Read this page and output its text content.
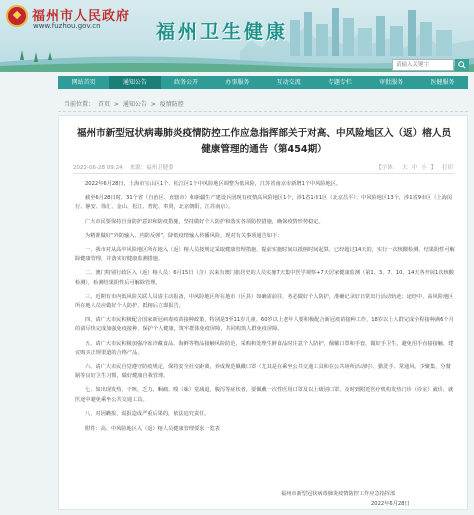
福州市人民政府
www.fuzhou.gov.cn	福州卫生健康
请输入关键字
网站首页	通知公告	政务公开	办事服务	互动交流	专题专栏	审批服务	医健服务
当前位置： 首页 > 通知公告 > 疫情防控
福州市新型冠状病毒肺炎疫情防控工作应急指挥部关于对高、中风险地区入（返）榕人员
健康管理的通告（第454期）
2022-06-28 09:24 来源：福州卫健委	【字体： 大 中 小 】 打印

2022年6月28日，上海市宝山区1个、松江区1个中风险地区调整为低风险，江苏省南京市新增1个中风险地区。

截至6月28日时，31个省（自治区、直辖市）和新疆生产建设兵团现有疫情高风险地区1个，涉1省1市1区（北京昌平）；中风险地区13个，涉1省9市区（上海闵行、静安、徐汇、金山、松江、普陀、奉贤，北京朝阳，江苏南京）。

广大市民要保持自身防护意识和防疫措施，坚持做好个人防护和落实各项防控措施，确保疫情形势稳定。

为精准做好“外防输入、内防反弹”，降低疫情输入传播风险，现对有关事项通告如下：

一、我市对从高中风险地区所在地入（返）榕人员按规定采取健康管理措施，提前实施时间以抵榕时间起算，已经超过14天的，实行一次核酸检测，结果阴性可解除健康管理，并落实好健康监测措施。

二、澳门特别行政区入（返）榕人员：6月15日（含）以来有澳门旅居史的人员实施7天集中医学观察+7天居家健康监测（第1、3、7、10、14天各开展1次核酸检测），检测结果阴性后可解除管理。

三、近期有市内低风险关联人员请主动报备，中风险地区所在地市（区县）如确需前往，务必做好个人防护，准确记录好日常出行活动轨迹；途经中、高风险地区所在地人员应做好个人防护，抵榕后立即报告。

四、请广大市民积极配合国家新冠病毒疫苗接种政策，特别是3至11岁儿童、60岁以上老年人要积极配合新冠疫苗接种工作，18岁以上人群完成全程接种满6个月的请尽快完成加强免疫接种，保护个人健康，筑牢群体免疫屏障，共同构筑人群免疫屏障。

五、请广大市民积极加强冷冻冷藏食品、海鲜等物品接触风险防范，采购和处理生鲜食品时注意个人防护，佩戴口罩和手套，做好手卫生，避免用手直接接触，建议购买正规渠道的合格产品。

六、请广大市民自觉遵守防疫规定，保持安全社交距离，养成规范佩戴口罩（尤其是在乘坐公共交通工具和在公共场所活动时）、勤洗手、常通风、少聚集、分餐制等良好卫生习惯，做好健康自我管理。

七、如出现发热、干咳、乏力、咽痛、嗅（味）觉减退、腹泻等症状者，要佩戴一次性医用口罩及以上级别口罩，及时到附近医疗机构发热门诊（诊室）就诊，就医途中避免乘坐公共交通工具。

八、对因瞒报、谎报造成严重后果的，依法追究责任。

附件：高、中风险地区入（返）榕人员健康管理要求一览表

福州市新型冠状病毒肺炎疫情防控工作应急指挥部
2022年6月28日
